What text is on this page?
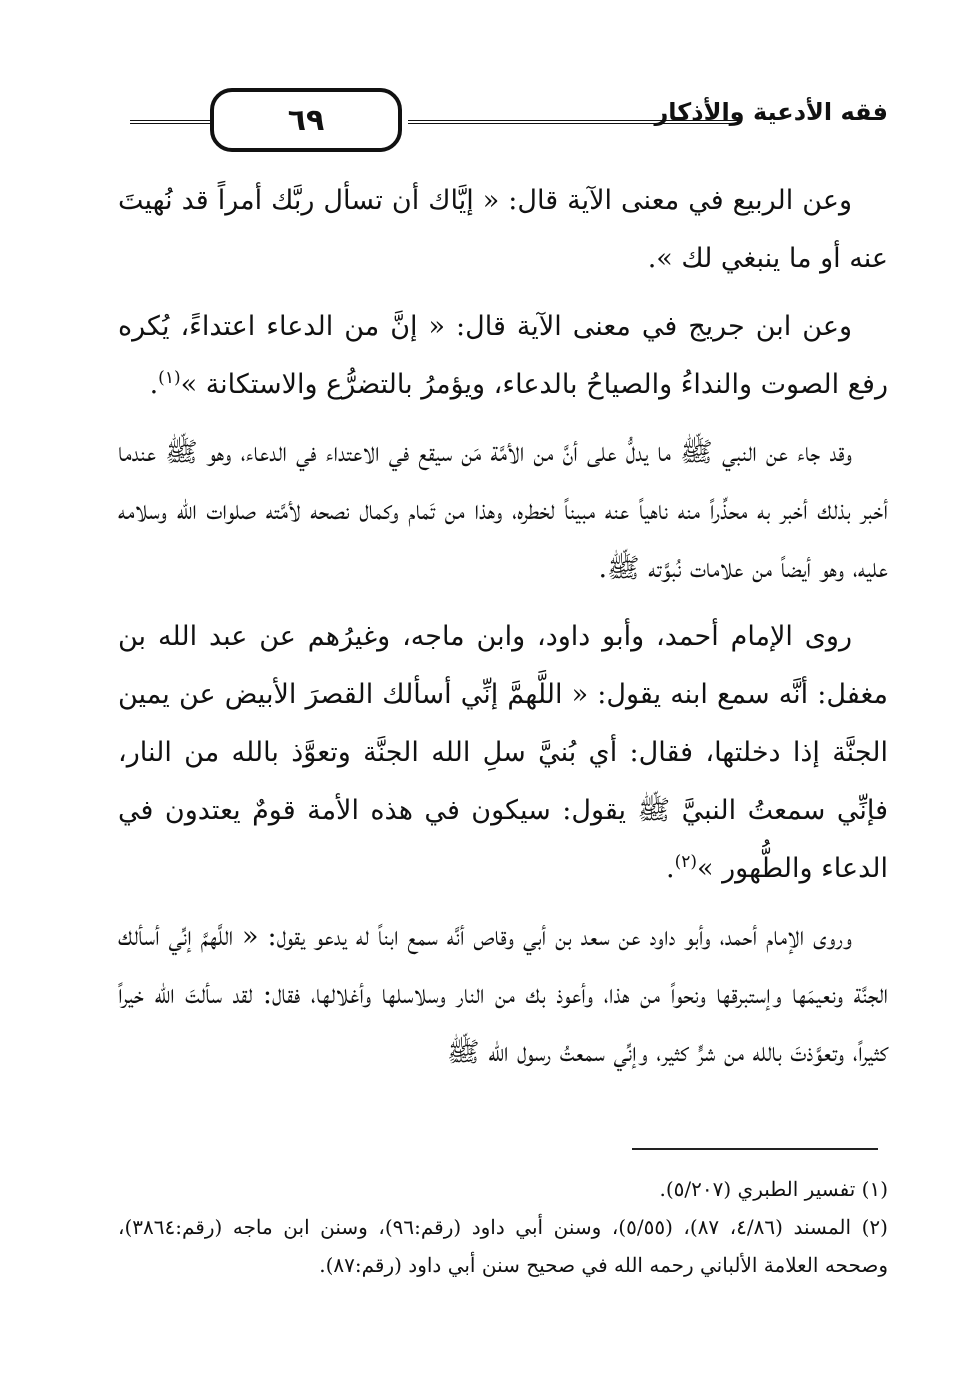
٦٩	فقه الأدعية والأذكار

وعن الربيع في معنى الآية قال: « إيَّاك أن تسأل ربَّك أمراً قد نُهيتَ عنه أو ما ينبغي لك ».

وعن ابن جريج في معنى الآية قال: « إنَّ من الدعاء اعتداءً، يُكره رفع الصوت والنداءُ والصياحُ بالدعاء، ويؤمرُ بالتضرُّع والاستكانة »$^{(١)}$.

وقد جاء عن النبي ﷺ ما يدلُّ على أنَّ من الأمَّة مَن سيقع في الاعتداء في الدعاء، وهو ﷺ عندما أخبر بذلك أخبر به محذِّراً منه ناهياً عنه مبيناً لخطره، وهذا من تَمام وكمال نصحه لأمَّته صلوات الله وسلامه عليه، وهو أيضاً من علامات نُبوَّته ﷺ.

روى الإمام أحمد، وأبو داود، وابن ماجه، وغيرُهم عن عبد الله بن مغفل: أنَّه سمع ابنه يقول: « اللَّهمَّ إنِّي أسألك القصرَ الأبيض عن يمين الجنَّة إذا دخلتها، فقال: أي بُنيَّ سلِ الله الجنَّة وتعوَّذ بالله من النار، فإنِّي سمعتُ النبيَّ ﷺ يقول: سيكون في هذه الأمة قومٌ يعتدون في الدعاء والطُّهور »$^{(٢)}$.

وروى الإمام أحمد، وأبو داود عن سعد بن أبي وقاص أنَّه سمع ابناً له يدعو يقول: « اللَّهمَّ إنِّي أسألك الجنَّة ونعيمَها وإستبرقها ونحواً من هذا، وأعوذ بك من النار وسلاسلها وأغلالها، فقال: لقد سألتَ الله خيراً كثيراً، وتعوَّذتَ بالله من شرٍّ كثير، وإنِّي سمعتُ رسول الله ﷺ

(١) تفسير الطبري (٥/٢٠٧).

(٢) المسند (٤/٨٦، ٨٧)، (٥/٥٥)، وسنن أبي داود (رقم:٩٦)، وسنن ابن ماجه (رقم:٣٨٦٤)، وصححه العلامة الألباني رحمه الله في صحيح سنن أبي داود (رقم:٨٧).
